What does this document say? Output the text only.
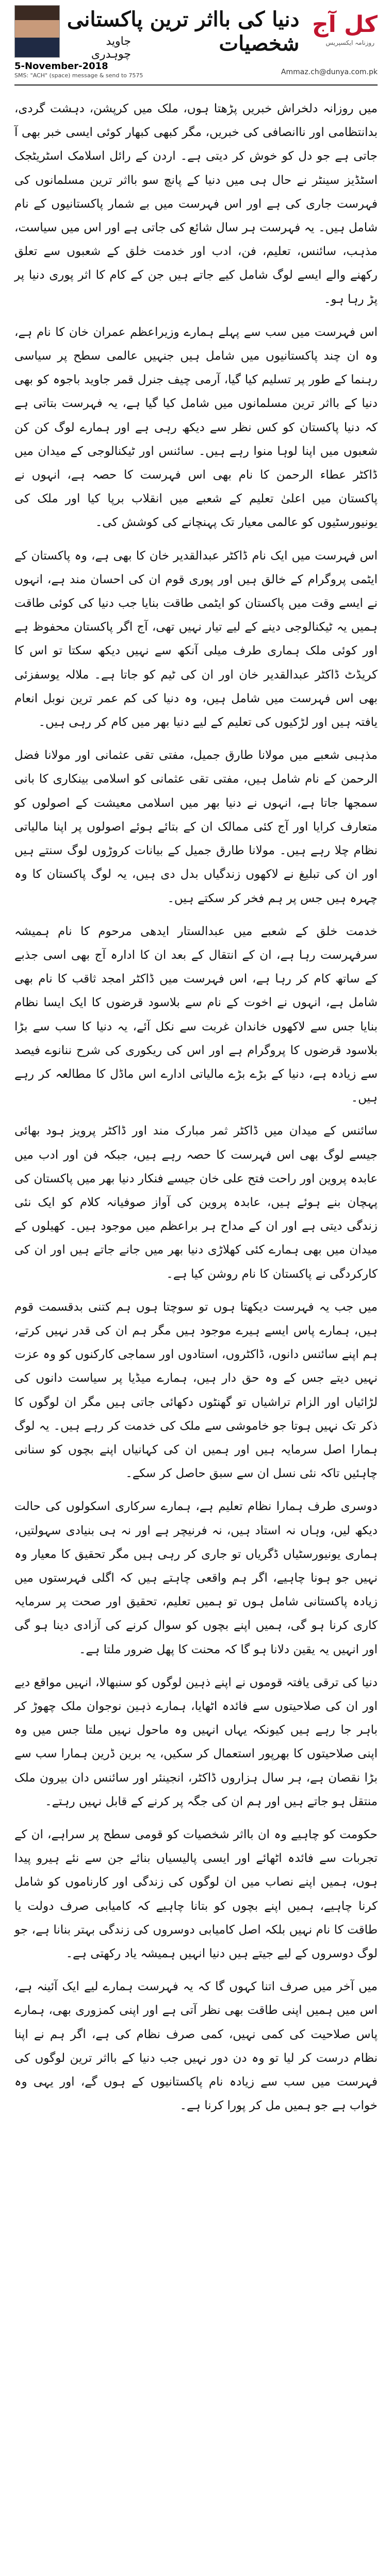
کل آج
روزنامہ ایکسپریس
دنیا کی بااثر ترین پاکستانی شخصیات
جاوید چوہدری
Ammaz.ch@dunya.com.pk
5-November-2018
SMS: "ACH" (space) message & send to 7575

میں روزانہ دلخراش خبریں پڑھتا ہوں، ملک میں کرپشن، دہشت گردی، بدانتظامی اور ناانصافی کی خبریں، مگر کبھی کبھار کوئی ایسی خبر بھی آ جاتی ہے جو دل کو خوش کر دیتی ہے۔ اردن کے رائل اسلامک اسٹریٹجک اسٹڈیز سینٹر نے حال ہی میں دنیا کے پانچ سو بااثر ترین مسلمانوں کی فہرست جاری کی ہے اور اس فہرست میں بے شمار پاکستانیوں کے نام شامل ہیں۔ یہ فہرست ہر سال شائع کی جاتی ہے اور اس میں سیاست، مذہب، سائنس، تعلیم، فن، ادب اور خدمت خلق کے شعبوں سے تعلق رکھنے والے ایسے لوگ شامل کیے جاتے ہیں جن کے کام کا اثر پوری دنیا پر پڑ رہا ہو۔

اس فہرست میں سب سے پہلے ہمارے وزیراعظم عمران خان کا نام ہے، وہ ان چند پاکستانیوں میں شامل ہیں جنہیں عالمی سطح پر سیاسی رہنما کے طور پر تسلیم کیا گیا، آرمی چیف جنرل قمر جاوید باجوہ کو بھی دنیا کے بااثر ترین مسلمانوں میں شامل کیا گیا ہے، یہ فہرست بتاتی ہے کہ دنیا پاکستان کو کس نظر سے دیکھ رہی ہے اور ہمارے لوگ کن کن شعبوں میں اپنا لوہا منوا رہے ہیں۔ سائنس اور ٹیکنالوجی کے میدان میں ڈاکٹر عطاء الرحمن کا نام بھی اس فہرست کا حصہ ہے، انہوں نے پاکستان میں اعلیٰ تعلیم کے شعبے میں انقلاب برپا کیا اور ملک کی یونیورسٹیوں کو عالمی معیار تک پہنچانے کی کوشش کی۔

اس فہرست میں ایک نام ڈاکٹر عبدالقدیر خان کا بھی ہے، وہ پاکستان کے ایٹمی پروگرام کے خالق ہیں اور پوری قوم ان کی احسان مند ہے، انہوں نے ایسے وقت میں پاکستان کو ایٹمی طاقت بنایا جب دنیا کی کوئی طاقت ہمیں یہ ٹیکنالوجی دینے کے لیے تیار نہیں تھی، آج اگر پاکستان محفوظ ہے اور کوئی ملک ہماری طرف میلی آنکھ سے نہیں دیکھ سکتا تو اس کا کریڈٹ ڈاکٹر عبدالقدیر خان اور ان کی ٹیم کو جاتا ہے۔ ملالہ یوسفزئی بھی اس فہرست میں شامل ہیں، وہ دنیا کی کم عمر ترین نوبل انعام یافتہ ہیں اور لڑکیوں کی تعلیم کے لیے دنیا بھر میں کام کر رہی ہیں۔

مذہبی شعبے میں مولانا طارق جمیل، مفتی تقی عثمانی اور مولانا فضل الرحمن کے نام شامل ہیں، مفتی تقی عثمانی کو اسلامی بینکاری کا بانی سمجھا جاتا ہے، انہوں نے دنیا بھر میں اسلامی معیشت کے اصولوں کو متعارف کرایا اور آج کئی ممالک ان کے بتائے ہوئے اصولوں پر اپنا مالیاتی نظام چلا رہے ہیں۔ مولانا طارق جمیل کے بیانات کروڑوں لوگ سنتے ہیں اور ان کی تبلیغ نے لاکھوں زندگیاں بدل دی ہیں، یہ لوگ پاکستان کا وہ چہرہ ہیں جس پر ہم فخر کر سکتے ہیں۔

خدمت خلق کے شعبے میں عبدالستار ایدھی مرحوم کا نام ہمیشہ سرفہرست رہا ہے، ان کے انتقال کے بعد ان کا ادارہ آج بھی اسی جذبے کے ساتھ کام کر رہا ہے، اس فہرست میں ڈاکٹر امجد ثاقب کا نام بھی شامل ہے، انہوں نے اخوت کے نام سے بلاسود قرضوں کا ایک ایسا نظام بنایا جس سے لاکھوں خاندان غربت سے نکل آئے، یہ دنیا کا سب سے بڑا بلاسود قرضوں کا پروگرام ہے اور اس کی ریکوری کی شرح ننانوے فیصد سے زیادہ ہے، دنیا کے بڑے بڑے مالیاتی ادارے اس ماڈل کا مطالعہ کر رہے ہیں۔

سائنس کے میدان میں ڈاکٹر ثمر مبارک مند اور ڈاکٹر پرویز ہود بھائی جیسے لوگ بھی اس فہرست کا حصہ رہے ہیں، جبکہ فن اور ادب میں عابدہ پروین اور راحت فتح علی خان جیسے فنکار دنیا بھر میں پاکستان کی پہچان بنے ہوئے ہیں، عابدہ پروین کی آواز صوفیانہ کلام کو ایک نئی زندگی دیتی ہے اور ان کے مداح ہر براعظم میں موجود ہیں۔ کھیلوں کے میدان میں بھی ہمارے کئی کھلاڑی دنیا بھر میں جانے جاتے ہیں اور ان کی کارکردگی نے پاکستان کا نام روشن کیا ہے۔

میں جب یہ فہرست دیکھتا ہوں تو سوچتا ہوں ہم کتنی بدقسمت قوم ہیں، ہمارے پاس ایسے ہیرے موجود ہیں مگر ہم ان کی قدر نہیں کرتے، ہم اپنے سائنس دانوں، ڈاکٹروں، استادوں اور سماجی کارکنوں کو وہ عزت نہیں دیتے جس کے وہ حق دار ہیں، ہمارے میڈیا پر سیاست دانوں کی لڑائیاں اور الزام تراشیاں تو گھنٹوں دکھائی جاتی ہیں مگر ان لوگوں کا ذکر تک نہیں ہوتا جو خاموشی سے ملک کی خدمت کر رہے ہیں۔ یہ لوگ ہمارا اصل سرمایہ ہیں اور ہمیں ان کی کہانیاں اپنے بچوں کو سنانی چاہئیں تاکہ نئی نسل ان سے سبق حاصل کر سکے۔

دوسری طرف ہمارا نظام تعلیم ہے، ہمارے سرکاری اسکولوں کی حالت دیکھ لیں، وہاں نہ استاد ہیں، نہ فرنیچر ہے اور نہ ہی بنیادی سہولتیں، ہماری یونیورسٹیاں ڈگریاں تو جاری کر رہی ہیں مگر تحقیق کا معیار وہ نہیں جو ہونا چاہیے، اگر ہم واقعی چاہتے ہیں کہ اگلی فہرستوں میں زیادہ پاکستانی شامل ہوں تو ہمیں تعلیم، تحقیق اور صحت پر سرمایہ کاری کرنا ہو گی، ہمیں اپنے بچوں کو سوال کرنے کی آزادی دینا ہو گی اور انہیں یہ یقین دلانا ہو گا کہ محنت کا پھل ضرور ملتا ہے۔

دنیا کی ترقی یافتہ قوموں نے اپنے ذہین لوگوں کو سنبھالا، انہیں مواقع دیے اور ان کی صلاحیتوں سے فائدہ اٹھایا، ہمارے ذہین نوجوان ملک چھوڑ کر باہر جا رہے ہیں کیونکہ یہاں انہیں وہ ماحول نہیں ملتا جس میں وہ اپنی صلاحیتوں کا بھرپور استعمال کر سکیں، یہ برین ڈرین ہمارا سب سے بڑا نقصان ہے، ہر سال ہزاروں ڈاکٹر، انجینئر اور سائنس دان بیرون ملک منتقل ہو جاتے ہیں اور ہم ان کی جگہ پر کرنے کے قابل نہیں رہتے۔

حکومت کو چاہیے وہ ان بااثر شخصیات کو قومی سطح پر سراہے، ان کے تجربات سے فائدہ اٹھائے اور ایسی پالیسیاں بنائے جن سے نئے ہیرو پیدا ہوں، ہمیں اپنے نصاب میں ان لوگوں کی زندگی اور کارناموں کو شامل کرنا چاہیے، ہمیں اپنے بچوں کو بتانا چاہیے کہ کامیابی صرف دولت یا طاقت کا نام نہیں بلکہ اصل کامیابی دوسروں کی زندگی بہتر بنانا ہے، جو لوگ دوسروں کے لیے جیتے ہیں دنیا انہیں ہمیشہ یاد رکھتی ہے۔

میں آخر میں صرف اتنا کہوں گا کہ یہ فہرست ہمارے لیے ایک آئینہ ہے، اس میں ہمیں اپنی طاقت بھی نظر آتی ہے اور اپنی کمزوری بھی، ہمارے پاس صلاحیت کی کمی نہیں، کمی صرف نظام کی ہے، اگر ہم نے اپنا نظام درست کر لیا تو وہ دن دور نہیں جب دنیا کے بااثر ترین لوگوں کی فہرست میں سب سے زیادہ نام پاکستانیوں کے ہوں گے، اور یہی وہ خواب ہے جو ہمیں مل کر پورا کرنا ہے۔
